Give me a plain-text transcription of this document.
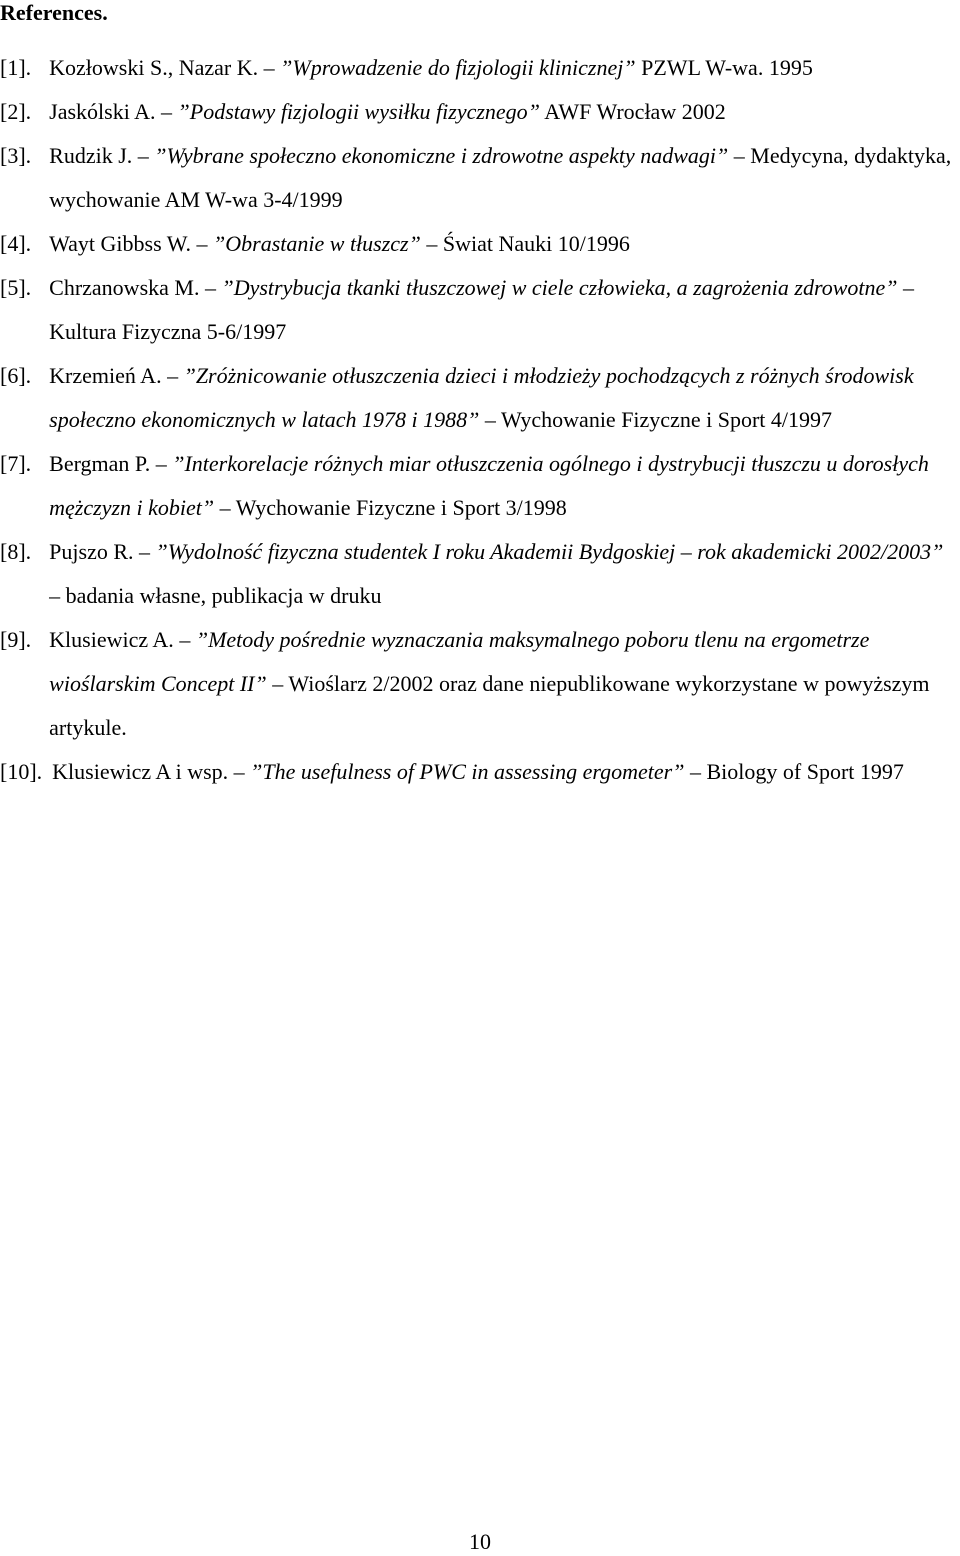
References.
[1]. Kozłowski S., Nazar K. – ”Wprowadzenie do fizjologii klinicznej” PZWL W-wa. 1995
[2]. Jaskólski A. – ”Podstawy fizjologii wysiłku fizycznego” AWF Wrocław 2002
[3]. Rudzik J. – ”Wybrane społeczno ekonomiczne i zdrowotne aspekty nadwagi” – Medycyna, dydaktyka, wychowanie AM W-wa 3-4/1999
[4]. Wayt Gibbss W. – ”Obrastanie w tłuszcz” – Świat Nauki 10/1996
[5]. Chrzanowska M. – ”Dystrybucja tkanki tłuszczowej w ciele człowieka, a zagrożenia zdrowotne” – Kultura Fizyczna 5-6/1997
[6]. Krzemień A. – ”Zróżnicowanie otłuszczenia dzieci i młodzieży pochodzących z różnych środowisk społeczno ekonomicznych w latach 1978 i 1988” – Wychowanie Fizyczne i Sport 4/1997
[7]. Bergman P. – ”Interkorelacje różnych miar otłuszczenia ogólnego i dystrybucji tłuszczu u dorosłych mężczyzn i kobiet” – Wychowanie Fizyczne i Sport 3/1998
[8]. Pujszo R. – ”Wydolność fizyczna studentek I roku Akademii Bydgoskiej – rok akademicki 2002/2003” – badania własne, publikacja w druku
[9]. Klusiewicz A. – ”Metody pośrednie wyznaczania maksymalnego poboru tlenu na ergometrze wioślarskim Concept II” – Wioślarz 2/2002 oraz dane niepublikowane wykorzystane w powyższym artykule.
[10]. Klusiewicz A i wsp. – ”The usefulness of PWC in assessing ergometer” – Biology of Sport 1997
10
